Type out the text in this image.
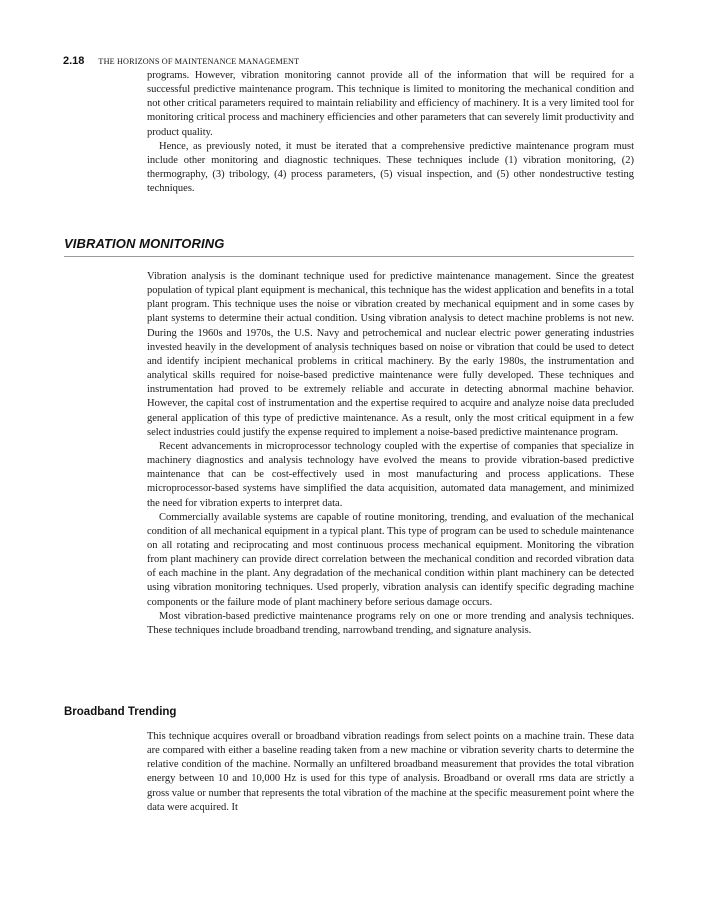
2.18 THE HORIZONS OF MAINTENANCE MANAGEMENT

programs. However, vibration monitoring cannot provide all of the information that will be required for a successful predictive maintenance program. This technique is limited to monitoring the mechanical condition and not other critical parameters required to maintain reliability and efficiency of machinery. It is a very limited tool for monitoring critical process and machinery efficiencies and other parameters that can severely limit productivity and product quality.

Hence, as previously noted, it must be iterated that a comprehensive predictive maintenance program must include other monitoring and diagnostic techniques. These techniques include (1) vibration monitoring, (2) thermography, (3) tribology, (4) process parameters, (5) visual inspection, and (5) other nondestructive testing techniques.

VIBRATION MONITORING

Vibration analysis is the dominant technique used for predictive maintenance management. Since the greatest population of typical plant equipment is mechanical, this technique has the widest application and benefits in a total plant program. This technique uses the noise or vibration created by mechanical equipment and in some cases by plant systems to determine their actual condition. Using vibration analysis to detect machine problems is not new. During the 1960s and 1970s, the U.S. Navy and petrochemical and nuclear electric power generating industries invested heavily in the development of analysis techniques based on noise or vibration that could be used to detect and identify incipient mechanical problems in critical machinery. By the early 1980s, the instrumentation and analytical skills required for noise-based predictive maintenance were fully developed. These techniques and instrumentation had proved to be extremely reliable and accurate in detecting abnormal machine behavior. However, the capital cost of instrumentation and the expertise required to acquire and analyze noise data precluded general application of this type of predictive maintenance. As a result, only the most critical equipment in a few select industries could justify the expense required to implement a noise-based predictive maintenance program.

Recent advancements in microprocessor technology coupled with the expertise of companies that specialize in machinery diagnostics and analysis technology have evolved the means to provide vibration-based predictive maintenance that can be cost-effectively used in most manufacturing and process applications. These microprocessor-based systems have simplified the data acquisition, automated data management, and minimized the need for vibration experts to interpret data.

Commercially available systems are capable of routine monitoring, trending, and evaluation of the mechanical condition of all mechanical equipment in a typical plant. This type of program can be used to schedule maintenance on all rotating and reciprocating and most continuous process mechanical equipment. Monitoring the vibration from plant machinery can provide direct correlation between the mechanical condition and recorded vibration data of each machine in the plant. Any degradation of the mechanical condition within plant machinery can be detected using vibration monitoring techniques. Used properly, vibration analysis can identify specific degrading machine components or the failure mode of plant machinery before serious damage occurs.

Most vibration-based predictive maintenance programs rely on one or more trending and analysis techniques. These techniques include broadband trending, narrowband trending, and signature analysis.

Broadband Trending

This technique acquires overall or broadband vibration readings from select points on a machine train. These data are compared with either a baseline reading taken from a new machine or vibration severity charts to determine the relative condition of the machine. Normally an unfiltered broadband measurement that provides the total vibration energy between 10 and 10,000 Hz is used for this type of analysis. Broadband or overall rms data are strictly a gross value or number that represents the total vibration of the machine at the specific measurement point where the data were acquired. It
